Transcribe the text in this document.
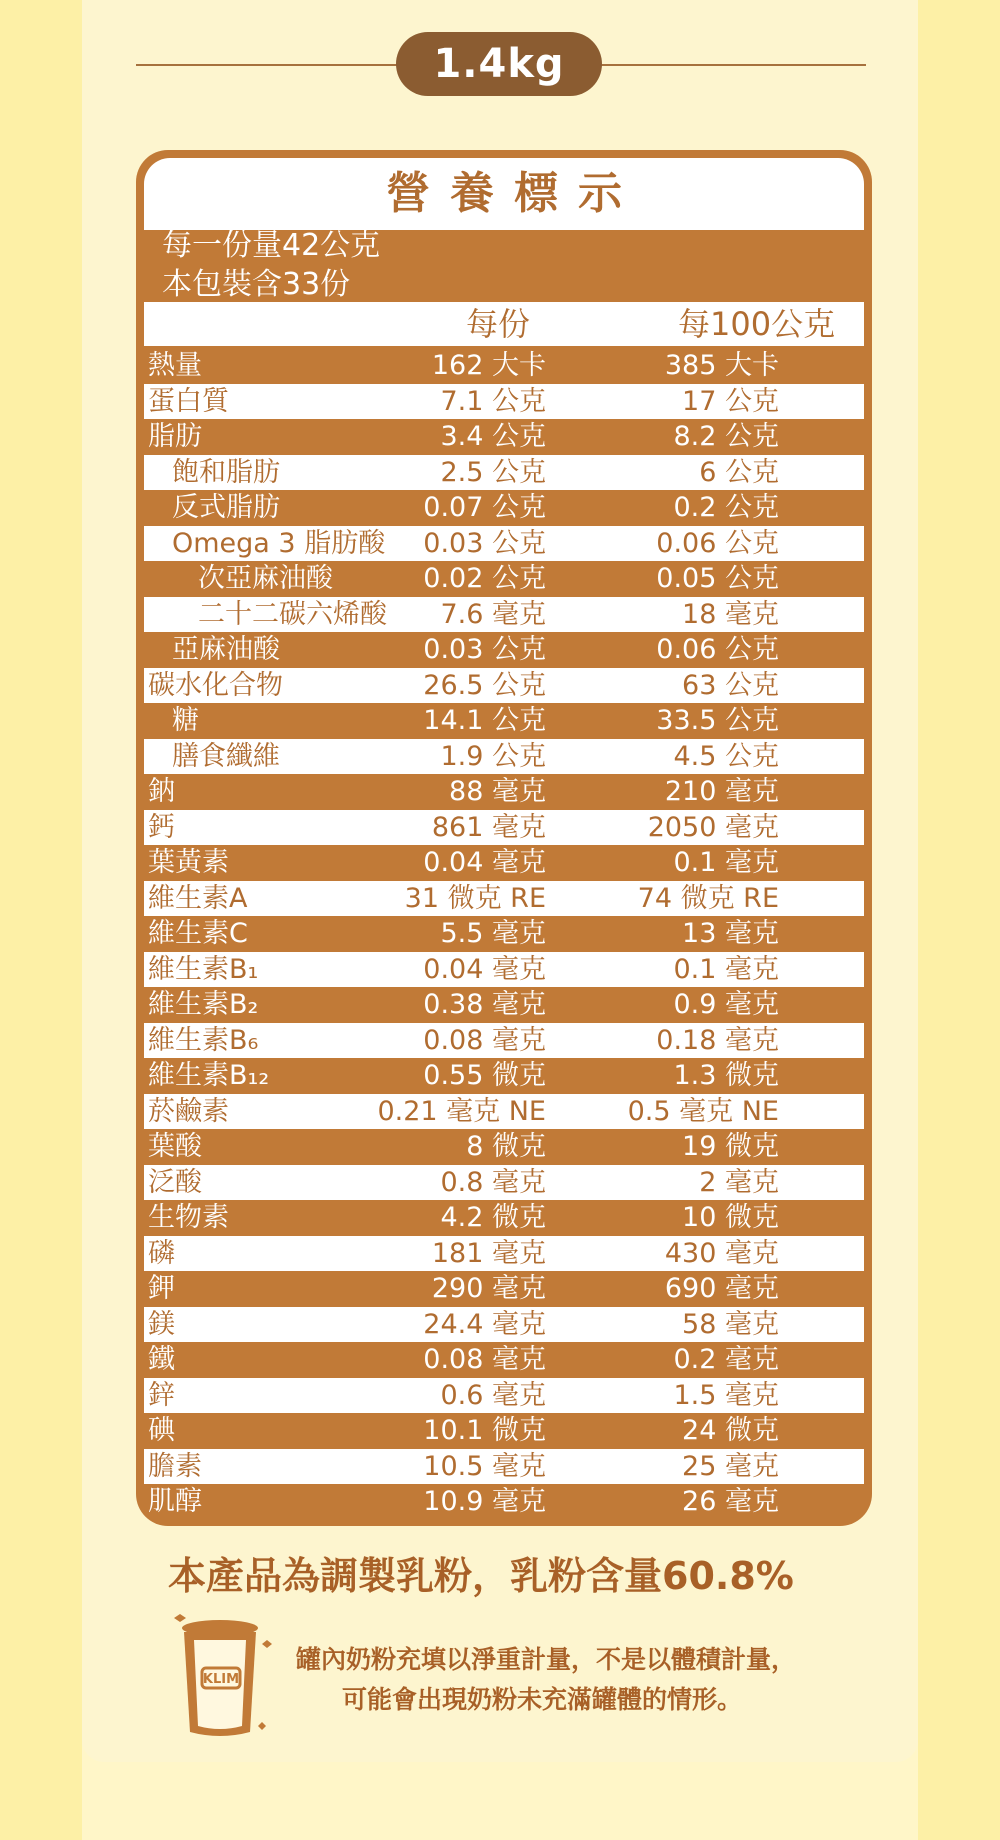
1.4kg
營養標示
每一份量42公克
本包裝含33份
每份	每100公克
熱量	162 大卡	385 大卡
蛋白質	7.1 公克	17 公克
脂肪	3.4 公克	8.2 公克
飽和脂肪	2.5 公克	6 公克
反式脂肪	0.07 公克	0.2 公克
Omega 3 脂肪酸 0.03 公克	0.06 公克
次亞麻油酸	0.02 公克	0.05 公克
二十二碳六烯酸 7.6 毫克	18 毫克
亞麻油酸	0.03 公克	0.06 公克
碳水化合物	26.5 公克	63 公克
糖	14.1 公克	33.5 公克
膳食纖維	1.9 公克	4.5 公克
鈉	88 毫克	210 毫克
鈣	861 毫克	2050 毫克
葉黃素	0.04 毫克	0.1 毫克
維生素A	31 微克 RE	74 微克 RE
維生素C	5.5 毫克	13 毫克
維生素B₁	0.04 毫克	0.1 毫克
維生素B₂	0.38 毫克	0.9 毫克
維生素B₆	0.08 毫克	0.18 毫克
維生素B₁₂	0.55 微克	1.3 微克
菸鹼素	0.21 毫克 NE	0.5 毫克 NE
葉酸	8 微克	19 微克
泛酸	0.8 毫克	2 毫克
生物素	4.2 微克	10 微克
磷	181 毫克	430 毫克
鉀	290 毫克	690 毫克
鎂	24.4 毫克	58 毫克
鐵	0.08 毫克	0.2 毫克
鋅	0.6 毫克	1.5 毫克
碘	10.1 微克	24 微克
膽素	10.5 毫克	25 毫克
肌醇	10.9 毫克	26 毫克
本產品為調製乳粉，乳粉含量60.8%
KLIM
罐內奶粉充填以淨重計量，不是以體積計量，
可能會出現奶粉未充滿罐體的情形。
